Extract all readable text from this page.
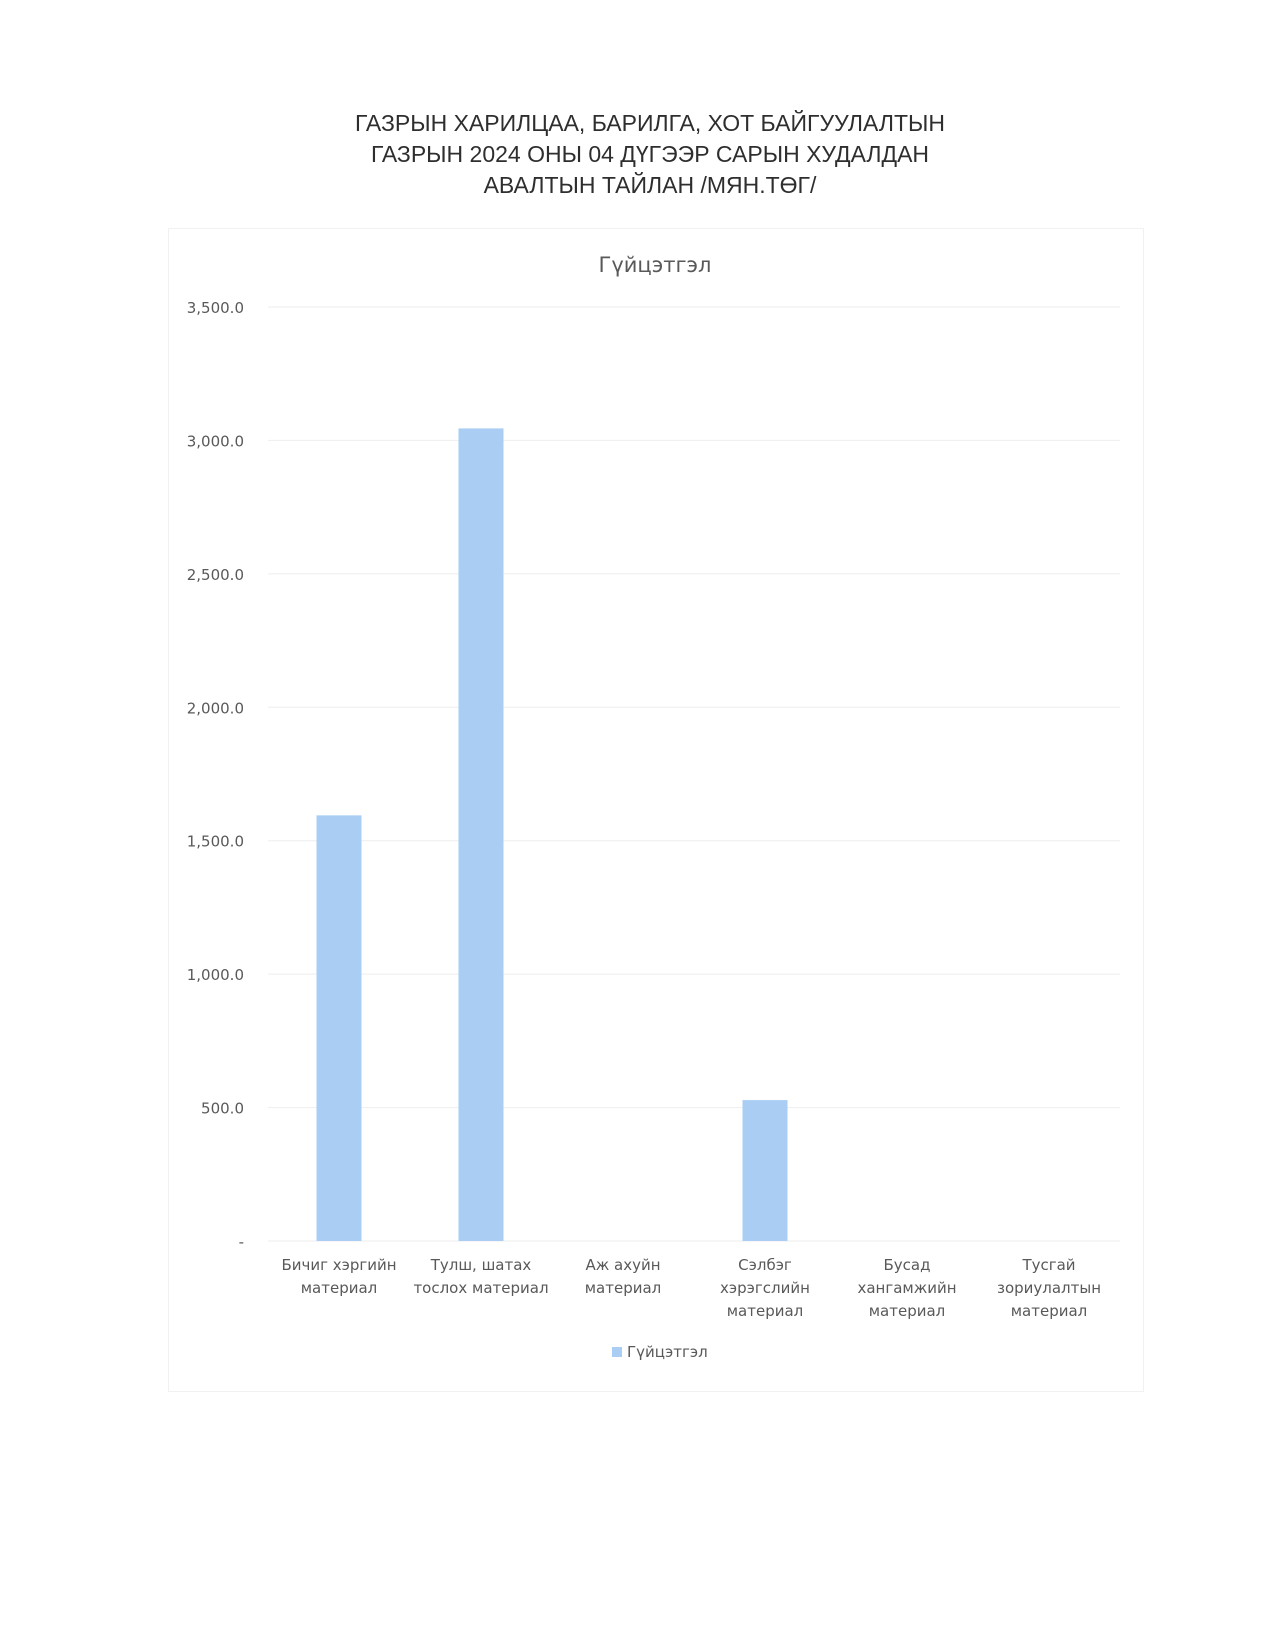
ГАЗРЫН ХАРИЛЦАА, БАРИЛГА, ХОТ БАЙГУУЛАЛТЫН
ГАЗРЫН 2024 ОНЫ 04 ДҮГЭЭР САРЫН ХУДАЛДАН
АВАЛТЫН ТАЙЛАН /МЯН.ТӨГ/
Гүйцэтгэл
-
500.0
1,000.0
1,500.0
2,000.0
2,500.0
3,000.0
3,500.0
Бичиг хэргийн
материал
Тулш, шатах
тослох материал
Аж ахуйн
материал
Сэлбэг
хэрэгслийн
материал
Бусад
хангамжийн
материал
Тусгай
зориулалтын
материал
Гүйцэтгэл
